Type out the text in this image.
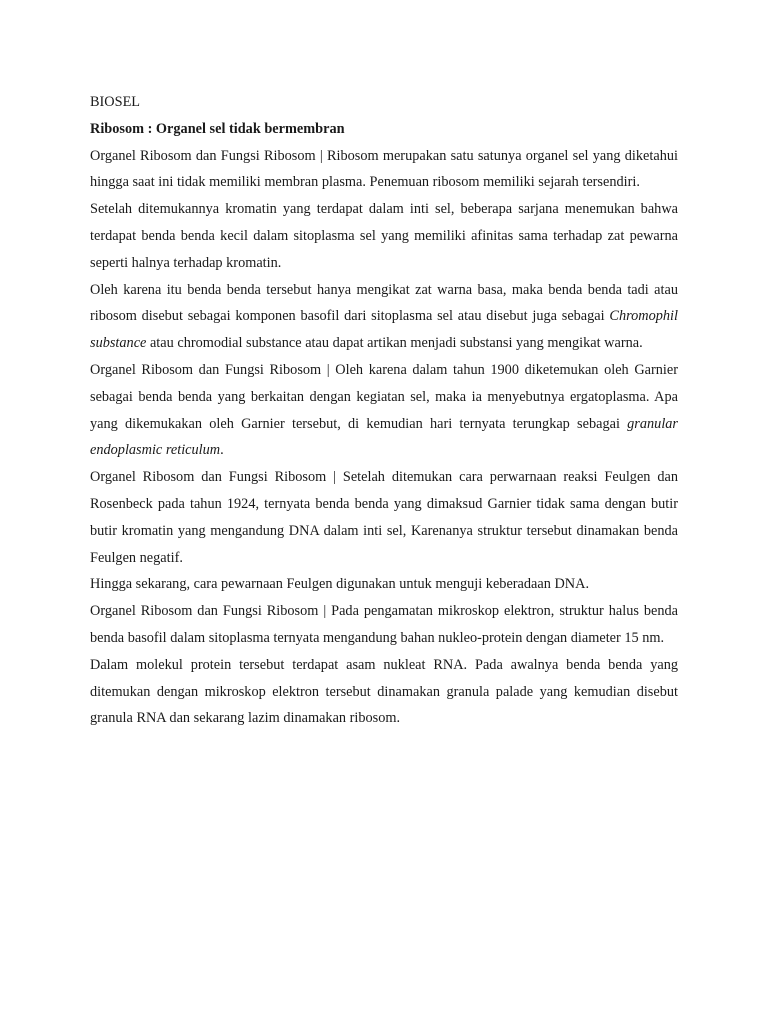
BIOSEL

Ribosom : Organel sel tidak bermembran

Organel Ribosom dan Fungsi Ribosom | Ribosom merupakan satu satunya organel sel yang diketahui hingga saat ini tidak memiliki membran plasma. Penemuan ribosom memiliki sejarah tersendiri.

Setelah ditemukannya kromatin yang terdapat dalam inti sel, beberapa sarjana menemukan bahwa terdapat benda benda kecil dalam sitoplasma sel yang memiliki afinitas sama terhadap zat pewarna seperti halnya terhadap kromatin.

Oleh karena itu benda benda tersebut hanya mengikat zat warna basa, maka benda benda tadi atau ribosom disebut sebagai komponen basofil dari sitoplasma sel atau disebut juga sebagai Chromophil substance atau chromodial substance atau dapat artikan menjadi substansi yang mengikat warna.

Organel Ribosom dan Fungsi Ribosom | Oleh karena dalam tahun 1900 diketemukan oleh Garnier sebagai benda benda yang berkaitan dengan kegiatan sel, maka ia menyebutnya ergatoplasma. Apa yang dikemukakan oleh Garnier tersebut, di kemudian hari ternyata terungkap sebagai granular endoplasmic reticulum.

Organel Ribosom dan Fungsi Ribosom | Setelah ditemukan cara perwarnaan reaksi Feulgen dan Rosenbeck pada tahun 1924, ternyata benda benda yang dimaksud Garnier tidak sama dengan butir butir kromatin yang mengandung DNA dalam inti sel, Karenanya struktur tersebut dinamakan benda Feulgen negatif.

Hingga sekarang, cara pewarnaan Feulgen digunakan untuk menguji keberadaan DNA.

Organel Ribosom dan Fungsi Ribosom | Pada pengamatan mikroskop elektron, struktur halus benda benda basofil dalam sitoplasma ternyata mengandung bahan nukleo-protein dengan diameter 15 nm.

Dalam molekul protein tersebut terdapat asam nukleat RNA. Pada awalnya benda benda yang ditemukan dengan mikroskop elektron tersebut dinamakan granula palade yang kemudian disebut granula RNA dan sekarang lazim dinamakan ribosom.
